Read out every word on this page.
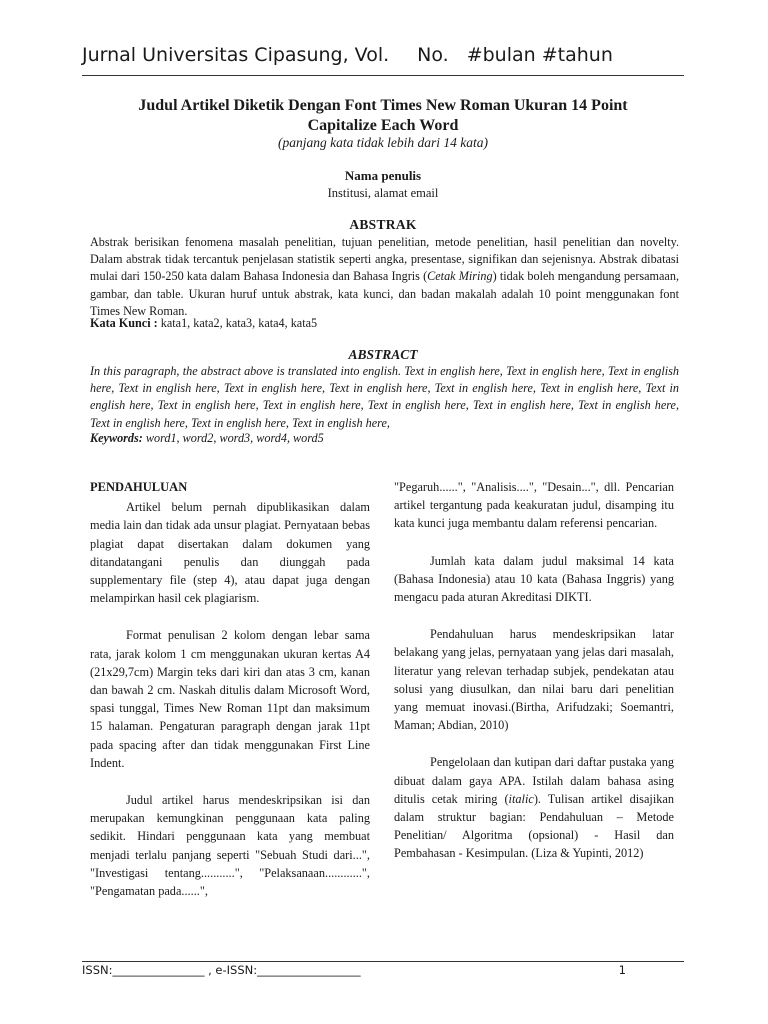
Jurnal Universitas Cipasung, Vol. No. #bulan #tahun
Judul Artikel Diketik Dengan Font Times New Roman Ukuran 14 Point
Capitalize Each Word
(panjang kata tidak lebih dari 14 kata)
Nama penulis
Institusi, alamat email
ABSTRAK
Abstrak berisikan fenomena masalah penelitian, tujuan penelitian, metode penelitian, hasil penelitian dan novelty. Dalam abstrak tidak tercantuk penjelasan statistik seperti angka, presentase, signifikan dan sejenisnya. Abstrak dibatasi mulai dari 150-250 kata dalam Bahasa Indonesia dan Bahasa Ingris (Cetak Miring) tidak boleh mengandung persamaan, gambar, dan table. Ukuran huruf untuk abstrak, kata kunci, dan badan makalah adalah 10 point menggunakan font Times New Roman.
Kata Kunci : kata1, kata2, kata3, kata4, kata5
ABSTRACT
In this paragraph, the abstract above is translated into english. Text in english here, Text in english here, Text in english here, Text in english here, Text in english here, Text in english here, Text in english here, Text in english here, Text in english here, Text in english here, Text in english here, Text in english here, Text in english here, Text in english here, Text in english here, Text in english here, Text in english here,
Keywords: word1, word2, word3, word4, word5
PENDAHULUAN

Artikel belum pernah dipublikasikan dalam media lain dan tidak ada unsur plagiat. Pernyataan bebas plagiat dapat disertakan dalam dokumen yang ditandatangani penulis dan diunggah pada supplementary file (step 4), atau dapat juga dengan melampirkan hasil cek plagiarism.

Format penulisan 2 kolom dengan lebar sama rata, jarak kolom 1 cm menggunakan ukuran kertas A4 (21x29,7cm) Margin teks dari kiri dan atas 3 cm, kanan dan bawah 2 cm. Naskah ditulis dalam Microsoft Word, spasi tunggal, Times New Roman 11pt dan maksimum 15 halaman. Pengaturan paragraph dengan jarak 11pt pada spacing after dan tidak menggunakan First Line Indent.

Judul artikel harus mendeskripsikan isi dan merupakan kemungkinan penggunaan kata paling sedikit. Hindari penggunaan kata yang membuat menjadi terlalu panjang seperti "Sebuah Studi dari...", "Investigasi tentang...........", "Pelaksanaan............", "Pengamatan pada......",

"Pegaruh......", "Analisis....", "Desain...", dll. Pencarian artikel tergantung pada keakuratan judul, disamping itu kata kunci juga membantu dalam referensi pencarian.

Jumlah kata dalam judul maksimal 14 kata (Bahasa Indonesia) atau 10 kata (Bahasa Inggris) yang mengacu pada aturan Akreditasi DIKTI.

Pendahuluan harus mendeskripsikan latar belakang yang jelas, pernyataan yang jelas dari masalah, literatur yang relevan terhadap subjek, pendekatan atau solusi yang diusulkan, dan nilai baru dari penelitian yang memuat inovasi.(Birtha, Arifudzaki; Soemantri, Maman; Abdian, 2010)

Pengelolaan dan kutipan dari daftar pustaka yang dibuat dalam gaya APA. Istilah dalam bahasa asing ditulis cetak miring (italic). Tulisan artikel disajikan dalam struktur bagian: Pendahuluan – Metode Penelitian/ Algoritma (opsional) - Hasil dan Pembahasan - Kesimpulan. (Liza & Yupinti, 2012)

ISSN:________________ , e-ISSN:__________________	1
